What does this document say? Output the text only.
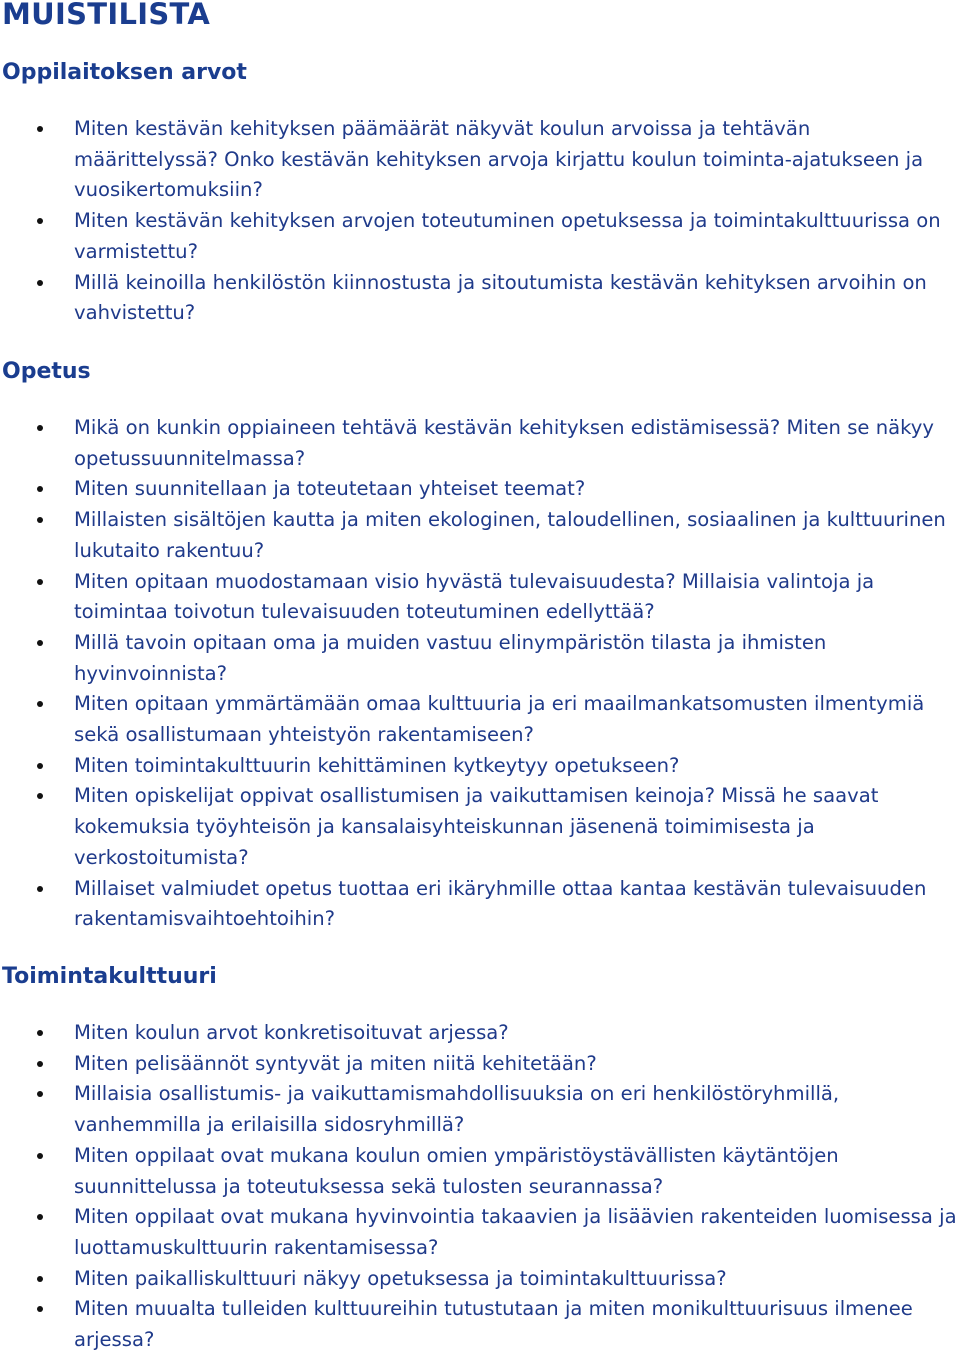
MUISTILISTA
Oppilaitoksen arvot
Miten kestävän kehityksen päämäärät näkyvät koulun arvoissa ja tehtävän määrittelyssä? Onko kestävän kehityksen arvoja kirjattu koulun toiminta-ajatukseen ja vuosikertomuksiin?
Miten kestävän kehityksen arvojen toteutuminen opetuksessa ja toimintakulttuurissa on varmistettu?
Millä keinoilla henkilöstön kiinnostusta ja sitoutumista kestävän kehityksen arvoihin on vahvistettu?
Opetus
Mikä on kunkin oppiaineen tehtävä kestävän kehityksen edistämisessä? Miten se näkyy opetussuunnitelmassa?
Miten suunnitellaan ja toteutetaan yhteiset teemat?
Millaisten sisältöjen kautta ja miten ekologinen, taloudellinen, sosiaalinen ja kulttuurinen lukutaito rakentuu?
Miten opitaan muodostamaan visio hyvästä tulevaisuudesta? Millaisia valintoja ja toimintaa toivotun tulevaisuuden toteutuminen edellyttää?
Millä tavoin opitaan oma ja muiden vastuu elinympäristön tilasta ja ihmisten hyvinvoinnista?
Miten opitaan ymmärtämään omaa kulttuuria ja eri maailmankatsomusten ilmentymiä sekä osallistumaan yhteistyön rakentamiseen?
Miten toimintakulttuurin kehittäminen kytkeytyy opetukseen?
Miten opiskelijat oppivat osallistumisen ja vaikuttamisen keinoja? Missä he saavat kokemuksia työyhteisön ja kansalaisyhteiskunnan jäsenenä toimimisesta ja verkostoitumista?
Millaiset valmiudet opetus tuottaa eri ikäryhmille ottaa kantaa kestävän tulevaisuuden rakentamisvaihtoehtoihin?
Toimintakulttuuri
Miten koulun arvot konkretisoituvat arjessa?
Miten pelisäännöt syntyvät ja miten niitä kehitetään?
Millaisia osallistumis- ja vaikuttamismahdollisuuksia on eri henkilöstöryhmillä, vanhemmilla ja erilaisilla sidosryhmillä?
Miten oppilaat ovat mukana koulun omien ympäristöystävällisten käytäntöjen suunnittelussa ja toteutuksessa sekä tulosten seurannassa?
Miten oppilaat ovat mukana hyvinvointia takaavien ja lisäävien rakenteiden luomisessa ja luottamuskulttuurin rakentamisessa?
Miten paikalliskulttuuri näkyy opetuksessa ja toimintakulttuurissa?
Miten muualta tulleiden kulttuureihin tutustutaan ja miten monikulttuurisuus ilmenee arjessa?
